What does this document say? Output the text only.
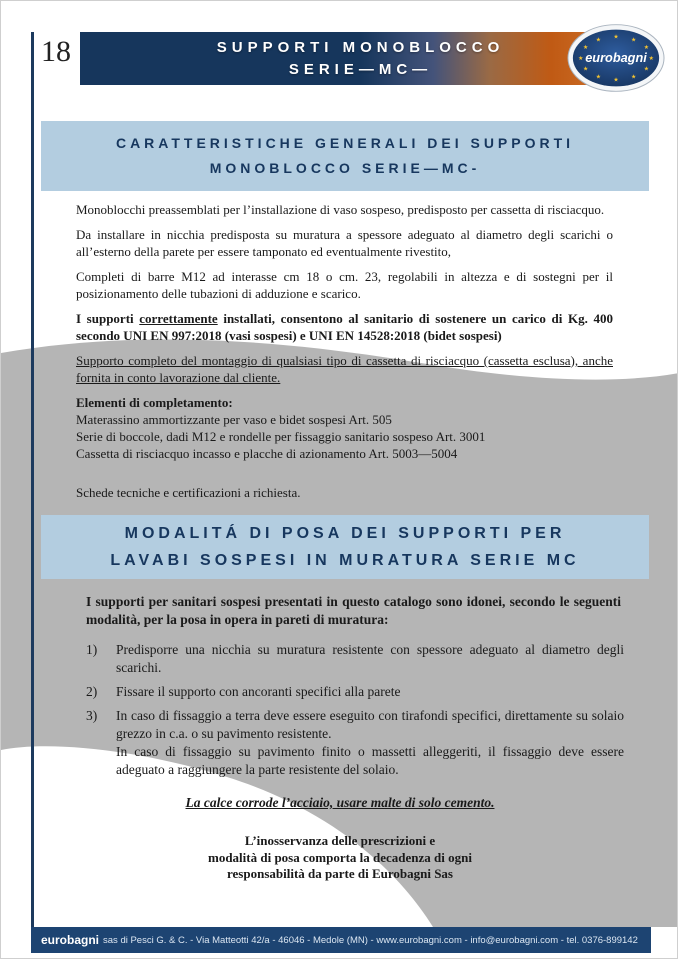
18	SUPPORTI MONOBLOCCO
SERIE—MC—
★
★
★
★
★
★
★
★
★ ★ ★
★
eurobagni
CARATTERISTICHE GENERALI DEI SUPPORTI
MONOBLOCCO SERIE—MC-

Monoblocchi preassemblati per l’installazione di vaso sospeso, predisposto per cassetta di risciacquo.

Da installare in nicchia predisposta su muratura a spessore adeguato al diametro degli scarichi o all’esterno della parete per essere tamponato ed eventualmente rivestito,

Completi di barre M12 ad interasse cm 18 o cm. 23, regolabili in altezza e di sostegni per il posizionamento delle tubazioni di adduzione e scarico.

I supporti correttamente installati, consentono al sanitario di sostenere un carico di Kg. 400 secondo UNI EN 997:2018 (vasi sospesi) e UNI EN 14528:2018 (bidet sospesi)

Supporto completo del montaggio di qualsiasi tipo di cassetta di risciacquo (cassetta esclusa), anche fornita in conto lavorazione dal cliente.

Elementi di completamento:

Materassino ammortizzante per vaso e bidet sospesi Art. 505

Serie di boccole, dadi M12 e rondelle per fissaggio sanitario sospeso Art. 3001

Cassetta di risciacquo incasso e placche di azionamento Art. 5003—5004

Schede tecniche e certificazioni a richiesta.

MODALITÁ DI POSA DEI SUPPORTI PER
LAVABI SOSPESI IN MURATURA SERIE MC

I supporti per sanitari sospesi presentati in questo catalogo sono idonei, secondo le seguenti modalità, per la posa in opera in pareti di muratura:

1)	Predisporre una nicchia su muratura resistente con spessore adeguato al diametro degli scarichi.
2)	Fissare il supporto con ancoranti specifici alla parete
3)	In caso di fissaggio a terra deve essere eseguito con tirafondi specifici, direttamente su solaio grezzo in c.a. o su pavimento resistente.
In caso di fissaggio su pavimento finito o massetti alleggeriti, il fissaggio deve essere adeguato a raggiungere la parte resistente del solaio.

La calce corrode l’acciaio, usare malte di solo cemento.

L’inosservanza delle prescrizioni e
modalità di posa comporta la decadenza di ogni
responsabilità da parte di Eurobagni Sas
eurobagni sas di Pesci G. & C. - Via Matteotti 42/a - 46046 - Medole (MN) - www.eurobagni.com - info@eurobagni.com - tel. 0376-899142
